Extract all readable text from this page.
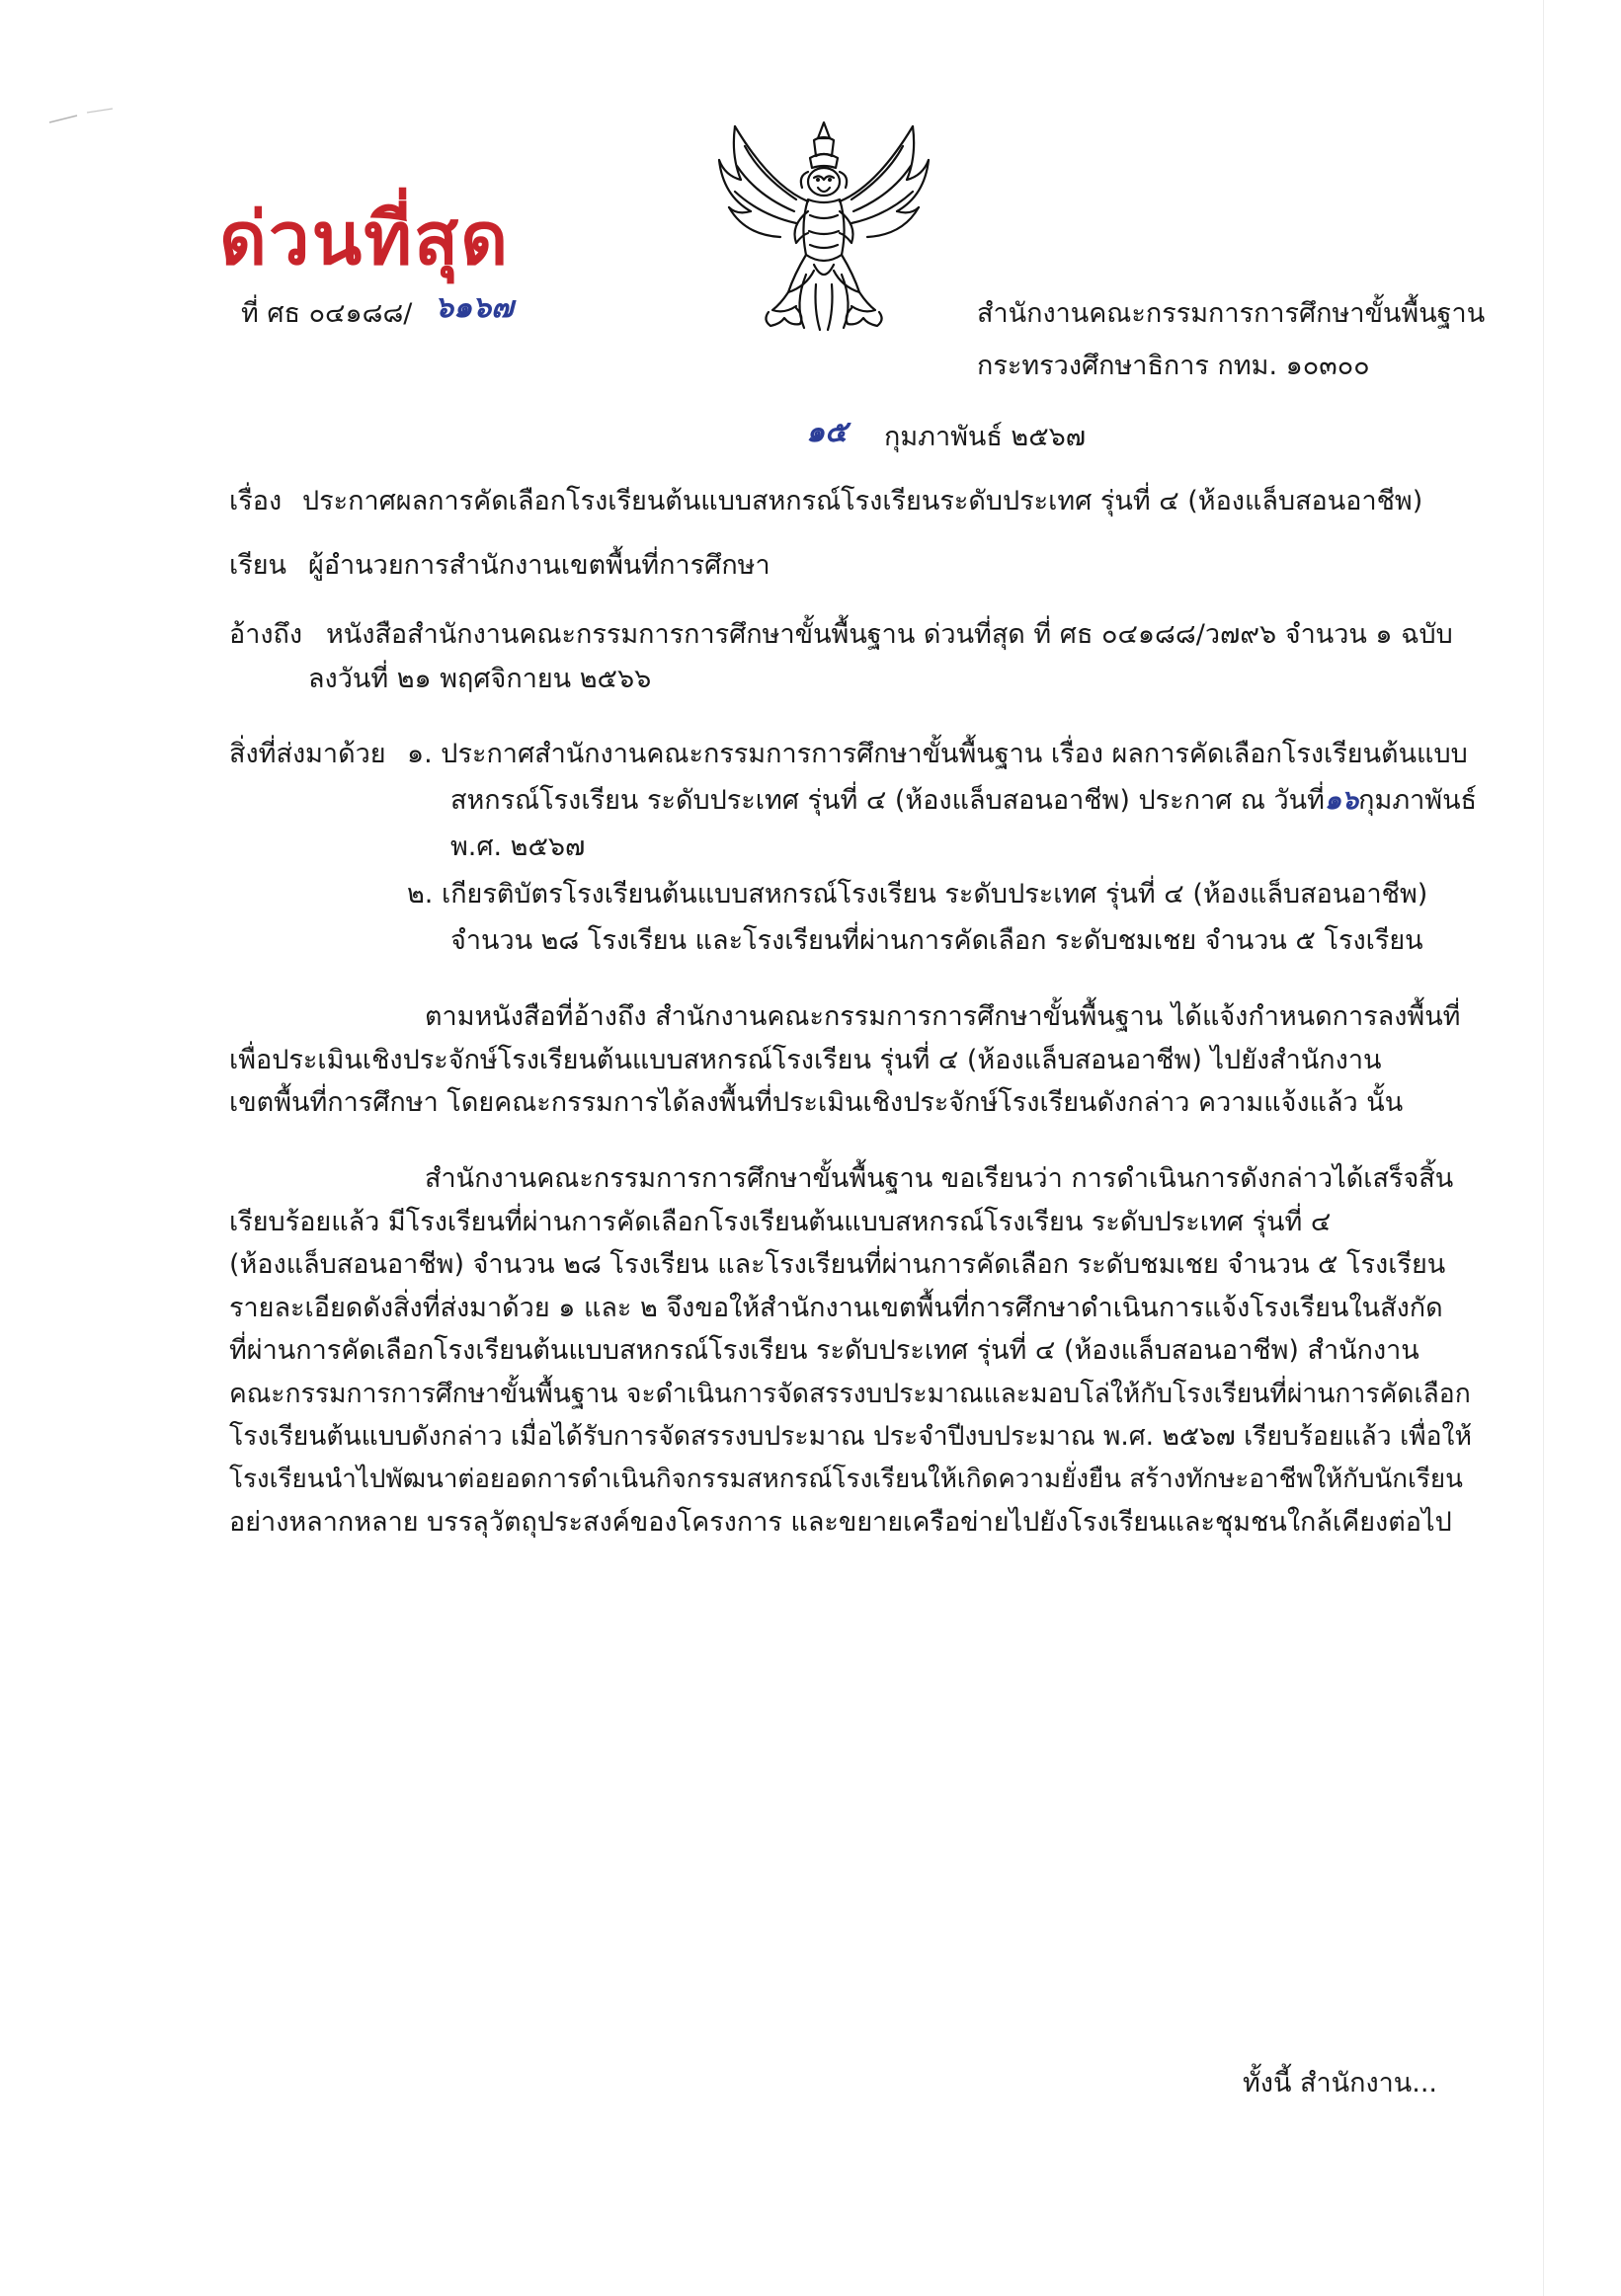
ด่วนที่สุด
ที่ ศธ ๐๔๑๘๘/ ๖๑๖๗	สำนักงานคณะกรรมการการศึกษาขั้นพื้นฐาน
กระทรวงศึกษาธิการ กทม. ๑๐๓๐๐
๑๕ กุมภาพันธ์ ๒๕๖๗
เรื่อง ประกาศผลการคัดเลือกโรงเรียนต้นแบบสหกรณ์โรงเรียนระดับประเทศ รุ่นที่ ๔ (ห้องแล็บสอนอาชีพ)
เรียน ผู้อำนวยการสำนักงานเขตพื้นที่การศึกษา
อ้างถึง หนังสือสำนักงานคณะกรรมการการศึกษาขั้นพื้นฐาน ด่วนที่สุด ที่ ศธ ๐๔๑๘๘/ว๗๙๖ จำนวน ๑ ฉบับ
ลงวันที่ ๒๑ พฤศจิกายน ๒๕๖๖
สิ่งที่ส่งมาด้วย ๑. ประกาศสำนักงานคณะกรรมการการศึกษาขั้นพื้นฐาน เรื่อง ผลการคัดเลือกโรงเรียนต้นแบบ
สหกรณ์โรงเรียน ระดับประเทศ รุ่นที่ ๔ (ห้องแล็บสอนอาชีพ) ประกาศ ณ วันที่๑๖กุมภาพันธ์
พ.ศ. ๒๕๖๗
๒. เกียรติบัตรโรงเรียนต้นแบบสหกรณ์โรงเรียน ระดับประเทศ รุ่นที่ ๔ (ห้องแล็บสอนอาชีพ)
จำนวน ๒๘ โรงเรียน และโรงเรียนที่ผ่านการคัดเลือก ระดับชมเชย จำนวน ๕ โรงเรียน

ตามหนังสือที่อ้างถึง สำนักงานคณะกรรมการการศึกษาขั้นพื้นฐาน ได้แจ้งกำหนดการลงพื้นที่

เพื่อประเมินเชิงประจักษ์โรงเรียนต้นแบบสหกรณ์โรงเรียน รุ่นที่ ๔ (ห้องแล็บสอนอาชีพ) ไปยังสำนักงาน

เขตพื้นที่การศึกษา โดยคณะกรรมการได้ลงพื้นที่ประเมินเชิงประจักษ์โรงเรียนดังกล่าว ความแจ้งแล้ว นั้น

สำนักงานคณะกรรมการการศึกษาขั้นพื้นฐาน ขอเรียนว่า การดำเนินการดังกล่าวได้เสร็จสิ้น

เรียบร้อยแล้ว มีโรงเรียนที่ผ่านการคัดเลือกโรงเรียนต้นแบบสหกรณ์โรงเรียน ระดับประเทศ รุ่นที่ ๔

(ห้องแล็บสอนอาชีพ) จำนวน ๒๘ โรงเรียน และโรงเรียนที่ผ่านการคัดเลือก ระดับชมเชย จำนวน ๕ โรงเรียน

รายละเอียดดังสิ่งที่ส่งมาด้วย ๑ และ ๒ จึงขอให้สำนักงานเขตพื้นที่การศึกษาดำเนินการแจ้งโรงเรียนในสังกัด

ที่ผ่านการคัดเลือกโรงเรียนต้นแบบสหกรณ์โรงเรียน ระดับประเทศ รุ่นที่ ๔ (ห้องแล็บสอนอาชีพ) สำนักงาน

คณะกรรมการการศึกษาขั้นพื้นฐาน จะดำเนินการจัดสรรงบประมาณและมอบโล่ให้กับโรงเรียนที่ผ่านการคัดเลือก

โรงเรียนต้นแบบดังกล่าว เมื่อได้รับการจัดสรรงบประมาณ ประจำปีงบประมาณ พ.ศ. ๒๕๖๗ เรียบร้อยแล้ว เพื่อให้

โรงเรียนนำไปพัฒนาต่อยอดการดำเนินกิจกรรมสหกรณ์โรงเรียนให้เกิดความยั่งยืน สร้างทักษะอาชีพให้กับนักเรียน

อย่างหลากหลาย บรรลุวัตถุประสงค์ของโครงการ และขยายเครือข่ายไปยังโรงเรียนและชุมชนใกล้เคียงต่อไป

ทั้งนี้ สำนักงาน...
